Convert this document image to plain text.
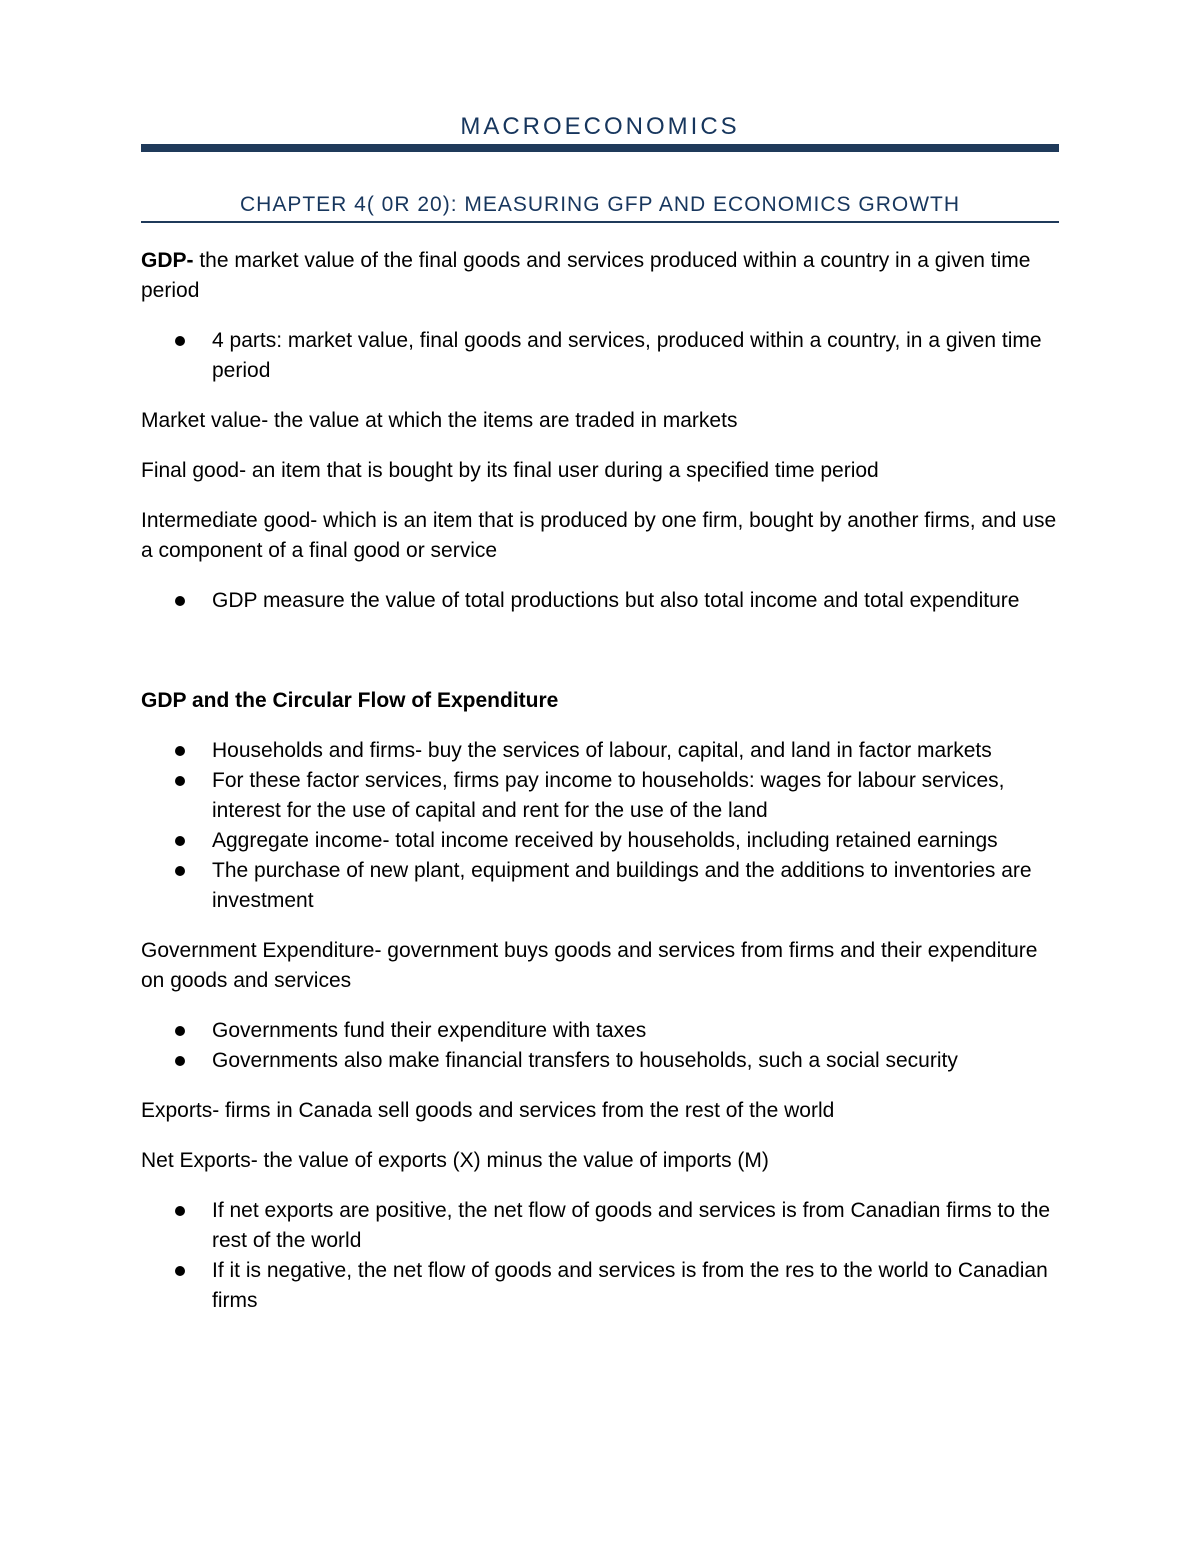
MACROECONOMICS
CHAPTER 4( 0R 20): MEASURING GFP AND ECONOMICS GROWTH

GDP- the market value of the final goods and services produced within a country in a given time period

4 parts: market value, final goods and services, produced within a country, in a given time period

Market value- the value at which the items are traded in markets

Final good- an item that is bought by its final user during a specified time period

Intermediate good- which is an item that is produced by one firm, bought by another firms, and use a component of a final good or service

GDP measure the value of total productions but also total income and total expenditure

GDP and the Circular Flow of Expenditure

Households and firms- buy the services of labour, capital, and land in factor markets
For these factor services, firms pay income to households: wages for labour services, interest for the use of capital and rent for the use of the land
Aggregate income- total income received by households, including retained earnings
The purchase of new plant, equipment and buildings and the additions to inventories are investment

Government Expenditure- government buys goods and services from firms and their expenditure on goods and services

Governments fund their expenditure with taxes
Governments also make financial transfers to households, such a social security

Exports- firms in Canada sell goods and services from the rest of the world

Net Exports- the value of exports (X) minus the value of imports (M)

If net exports are positive, the net flow of goods and services is from Canadian firms to the rest of the world
If it is negative, the net flow of goods and services is from the res to the world to Canadian firms
